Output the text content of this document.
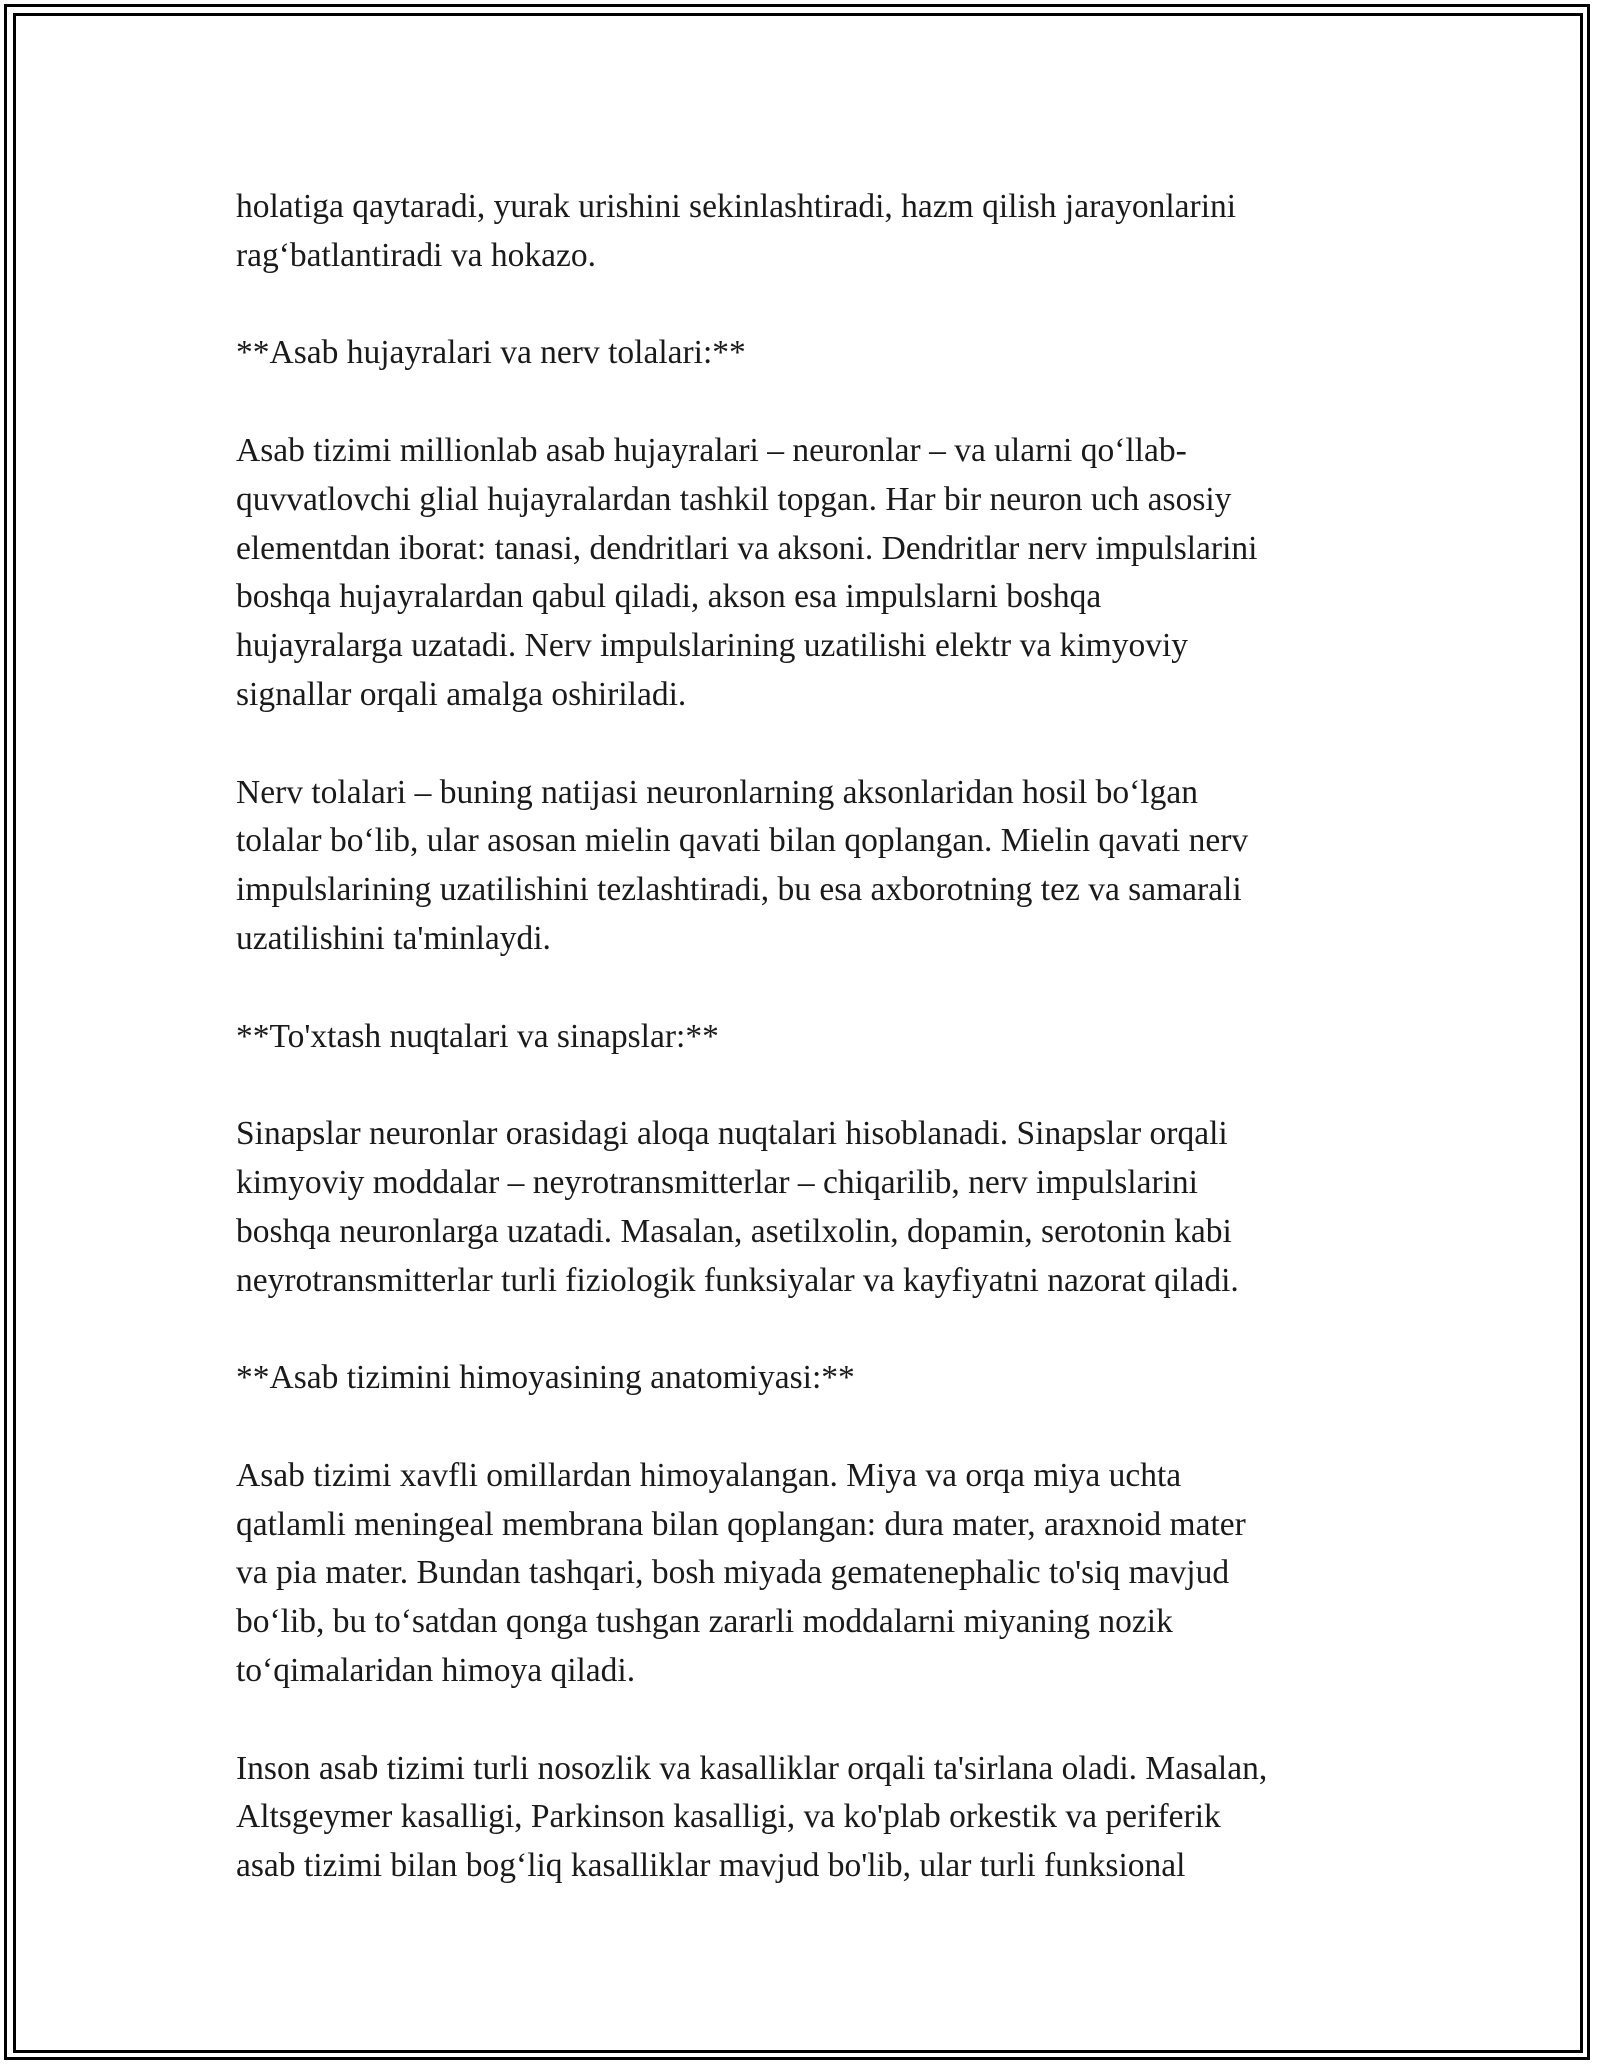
holatiga qaytaradi, yurak urishini sekinlashtiradi, hazm qilish jarayonlarini
rag‘batlantiradi va hokazo.

**Asab hujayralari va nerv tolalari:**

Asab tizimi millionlab asab hujayralari – neuronlar – va ularni qo‘llab-
quvvatlovchi glial hujayralardan tashkil topgan. Har bir neuron uch asosiy
elementdan iborat: tanasi, dendritlari va aksoni. Dendritlar nerv impulslarini
boshqa hujayralardan qabul qiladi, akson esa impulslarni boshqa
hujayralarga uzatadi. Nerv impulslarining uzatilishi elektr va kimyoviy
signallar orqali amalga oshiriladi.

Nerv tolalari – buning natijasi neuronlarning aksonlaridan hosil bo‘lgan
tolalar bo‘lib, ular asosan mielin qavati bilan qoplangan. Mielin qavati nerv
impulslarining uzatilishini tezlashtiradi, bu esa axborotning tez va samarali
uzatilishini ta'minlaydi.

**To'xtash nuqtalari va sinapslar:**

Sinapslar neuronlar orasidagi aloqa nuqtalari hisoblanadi. Sinapslar orqali
kimyoviy moddalar – neyrotransmitterlar – chiqarilib, nerv impulslarini
boshqa neuronlarga uzatadi. Masalan, asetilxolin, dopamin, serotonin kabi
neyrotransmitterlar turli fiziologik funksiyalar va kayfiyatni nazorat qiladi.

**Asab tizimini himoyasining anatomiyasi:**

Asab tizimi xavfli omillardan himoyalangan. Miya va orqa miya uchta
qatlamli meningeal membrana bilan qoplangan: dura mater, araxnoid mater
va pia mater. Bundan tashqari, bosh miyada gematenephalic to'siq mavjud
bo‘lib, bu to‘satdan qonga tushgan zararli moddalarni miyaning nozik
to‘qimalaridan himoya qiladi.

Inson asab tizimi turli nosozlik va kasalliklar orqali ta'sirlana oladi. Masalan,
Altsgeymer kasalligi, Parkinson kasalligi, va ko'plab orkestik va periferik
asab tizimi bilan bog‘liq kasalliklar mavjud bo'lib, ular turli funksional
